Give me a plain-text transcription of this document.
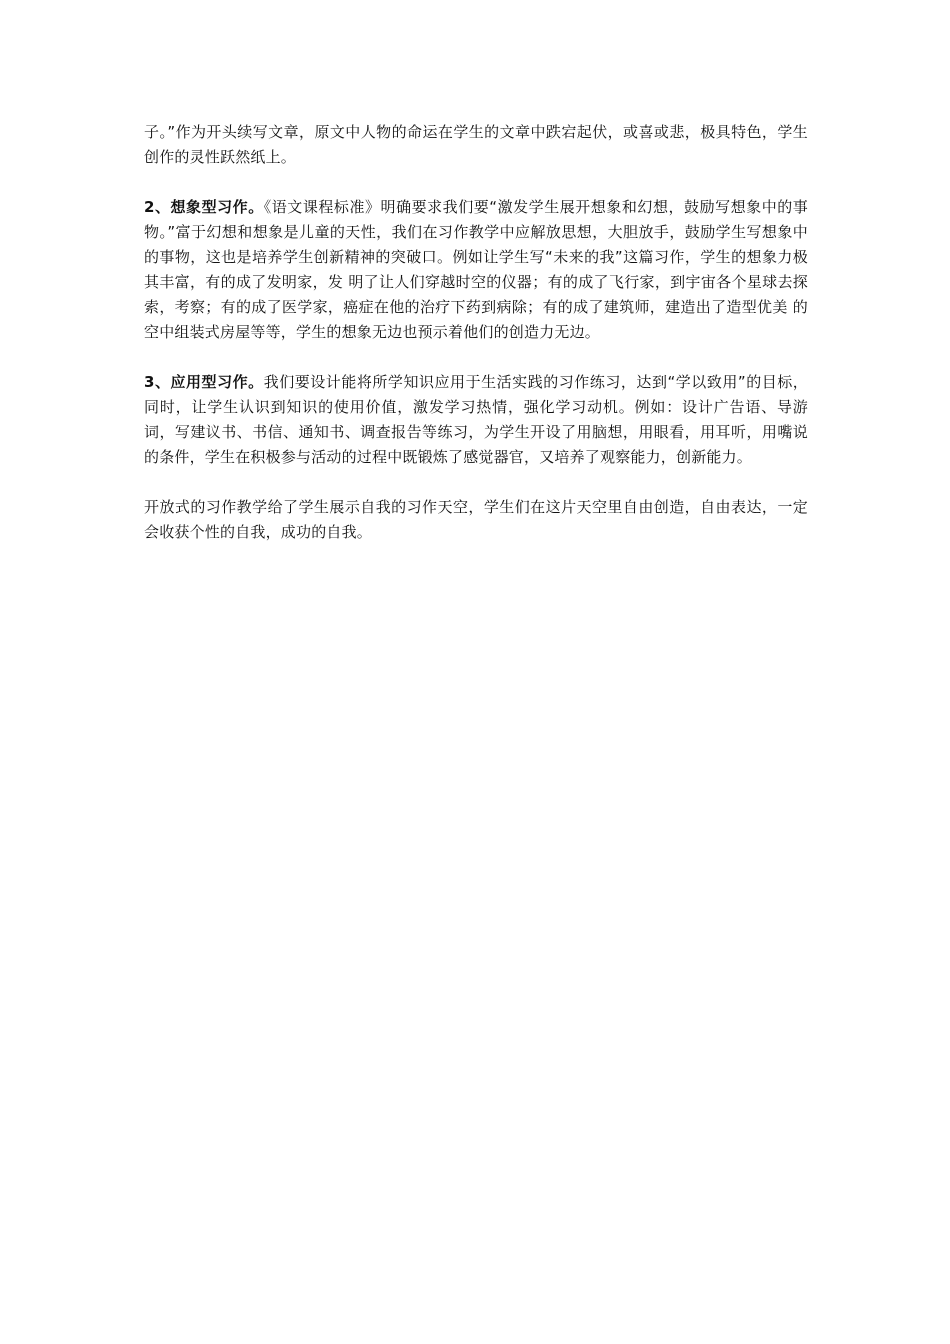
子。”作为开头续写文章，原文中人物的命运在学生的文章中跌宕起伏，或喜或悲，极具特色，学生创作的灵性跃然纸上。

2、想象型习作。《语文课程标准》明确要求我们要“激发学生展开想象和幻想，鼓励写想象中的事物。”富于幻想和想象是儿童的天性，我们在习作教学中应解放思想，大胆放手，鼓励学生写想象中的事物，这也是培养学生创新精神的突破口。例如让学生写“未来的我”这篇习作，学生的想象力极其丰富，有的成了发明家，发 明了让人们穿越时空的仪器；有的成了飞行家，到宇宙各个星球去探索，考察；有的成了医学家，癌症在他的治疗下药到病除；有的成了建筑师，建造出了造型优美 的空中组装式房屋等等，学生的想象无边也预示着他们的创造力无边。

3、应用型习作。我们要设计能将所学知识应用于生活实践的习作练习，达到“学以致用”的目标，同时，让学生认识到知识的使用价值，激发学习热情，强化学习动机。例如：设计广告语、导游词，写建议书、书信、通知书、调查报告等练习，为学生开设了用脑想，用眼看，用耳听，用嘴说的条件，学生在积极参与活动的过程中既锻炼了感觉器官，又培养了观察能力，创新能力。

开放式的习作教学给了学生展示自我的习作天空，学生们在这片天空里自由创造，自由表达，一定会收获个性的自我，成功的自我。
